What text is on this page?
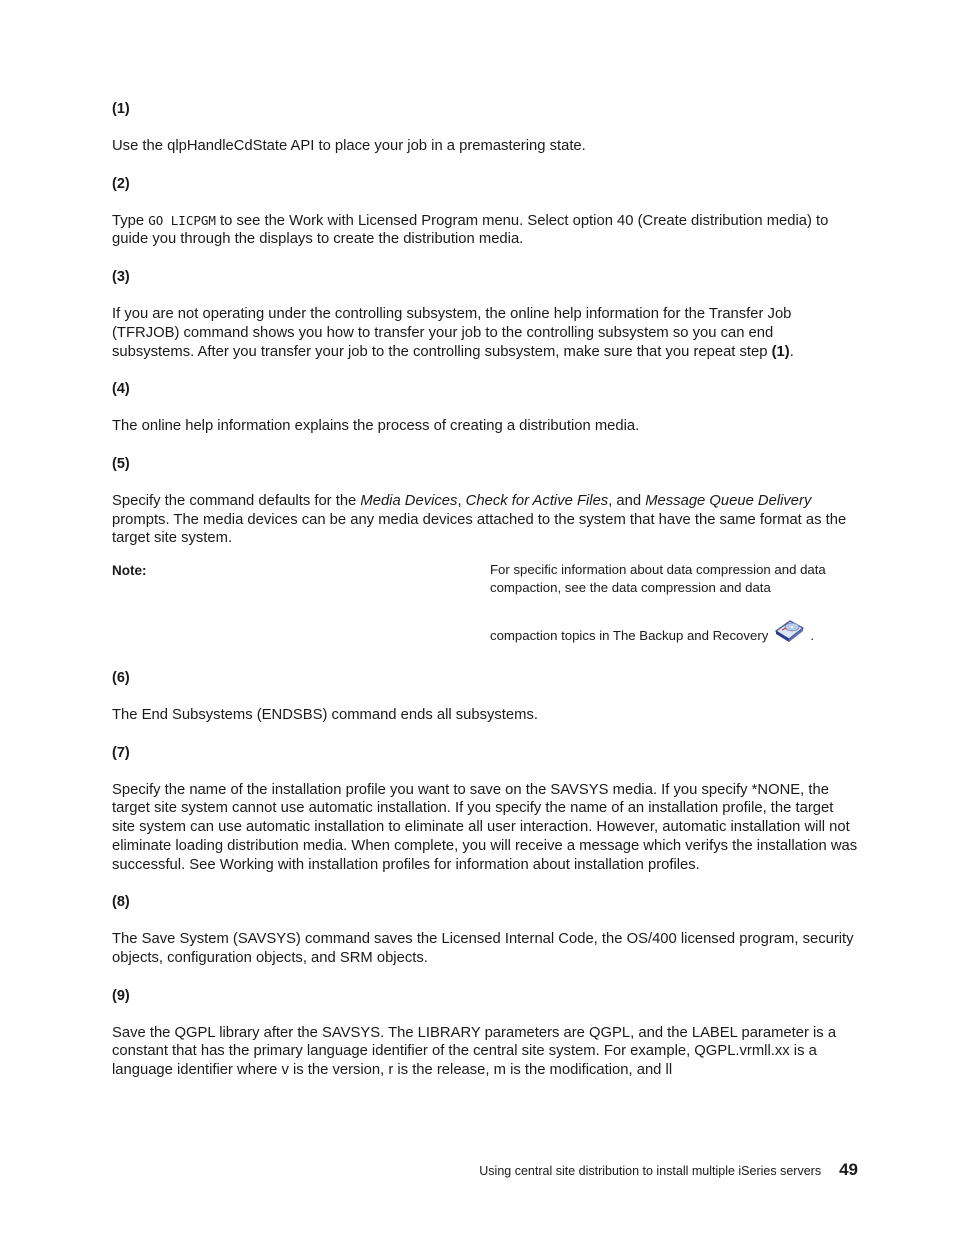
(1)

Use the qlpHandleCdState API to place your job in a premastering state.

(2)

Type GO LICPGM to see the Work with Licensed Program menu. Select option 40 (Create distribution media) to guide you through the displays to create the distribution media.

(3)

If you are not operating under the controlling subsystem, the online help information for the Transfer Job (TFRJOB) command shows you how to transfer your job to the controlling subsystem so you can end subsystems. After you transfer your job to the controlling subsystem, make sure that you repeat step (1).

(4)

The online help information explains the process of creating a distribution media.

(5)

Specify the command defaults for the Media Devices, Check for Active Files, and Message Queue Delivery prompts. The media devices can be any media devices attached to the system that have the same format as the target site system.

Note:	For specific information about data compression and data compaction, see the data compression and data
compaction topics in The Backup and Recovery	.
(6)

The End Subsystems (ENDSBS) command ends all subsystems.

(7)

Specify the name of the installation profile you want to save on the SAVSYS media. If you specify *NONE, the target site system cannot use automatic installation. If you specify the name of an installation profile, the target site system can use automatic installation to eliminate all user interaction. However, automatic installation will not eliminate loading distribution media. When complete, you will receive a message which verifys the installation was successful. See Working with installation profiles for information about installation profiles.

(8)

The Save System (SAVSYS) command saves the Licensed Internal Code, the OS/400 licensed program, security objects, configuration objects, and SRM objects.

(9)

Save the QGPL library after the SAVSYS. The LIBRARY parameters are QGPL, and the LABEL parameter is a constant that has the primary language identifier of the central site system. For example, QGPL.vrmll.xx is a language identifier where v is the version, r is the release, m is the modification, and ll

Using central site distribution to install multiple iSeries servers 49
